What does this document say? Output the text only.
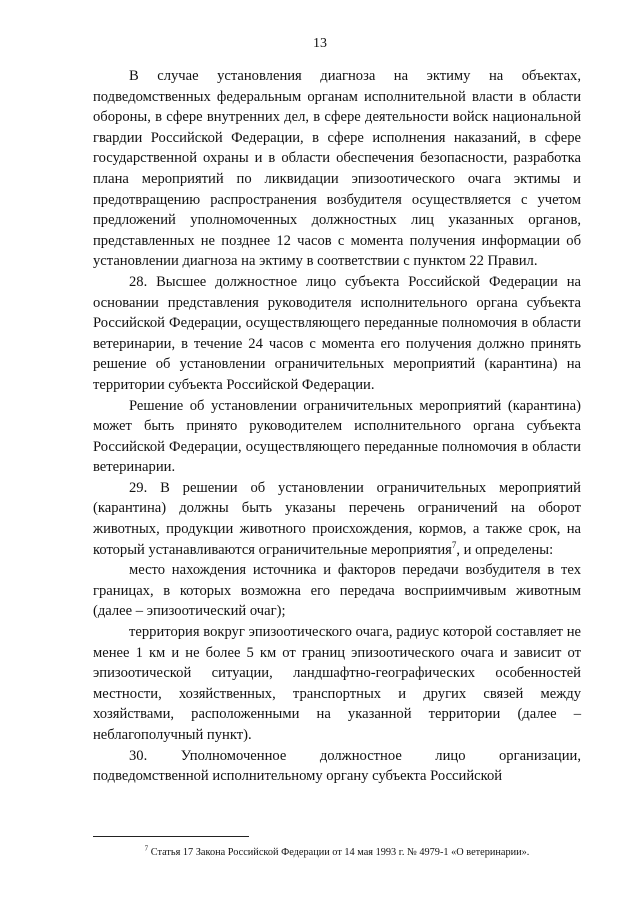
13

В случае установления диагноза на эктиму на объектах, подведомственных федеральным органам исполнительной власти в области обороны, в сфере внутренних дел, в сфере деятельности войск национальной гвардии Российской Федерации, в сфере исполнения наказаний, в сфере государственной охраны и в области обеспечения безопасности, разработка плана мероприятий по ликвидации эпизоотического очага эктимы и предотвращению распространения возбудителя осуществляется с учетом предложений уполномоченных должностных лиц указанных органов, представленных не позднее 12 часов с момента получения информации об установлении диагноза на эктиму в соответствии с пунктом 22 Правил.

28. Высшее должностное лицо субъекта Российской Федерации на основании представления руководителя исполнительного органа субъекта Российской Федерации, осуществляющего переданные полномочия в области ветеринарии, в течение 24 часов с момента его получения должно принять решение об установлении ограничительных мероприятий (карантина) на территории субъекта Российской Федерации.

Решение об установлении ограничительных мероприятий (карантина) может быть принято руководителем исполнительного органа субъекта Российской Федерации, осуществляющего переданные полномочия в области ветеринарии.

29. В решении об установлении ограничительных мероприятий (карантина) должны быть указаны перечень ограничений на оборот животных, продукции животного происхождения, кормов, а также срок, на который устанавливаются ограничительные мероприятия$^7$, и определены:

место нахождения источника и факторов передачи возбудителя в тех границах, в которых возможна его передача восприимчивым животным (далее – эпизоотический очаг);

территория вокруг эпизоотического очага, радиус которой составляет не менее 1 км и не более 5 км от границ эпизоотического очага и зависит от эпизоотической ситуации, ландшафтно-географических особенностей местности, хозяйственных, транспортных и других связей между хозяйствами, расположенными на указанной территории (далее – неблагополучный пункт).

30. Уполномоченное должностное лицо организации, подведомственной исполнительному органу субъекта Российской

$^7$ Статья 17 Закона Российской Федерации от 14 мая 1993 г. № 4979-1 «О ветеринарии».
